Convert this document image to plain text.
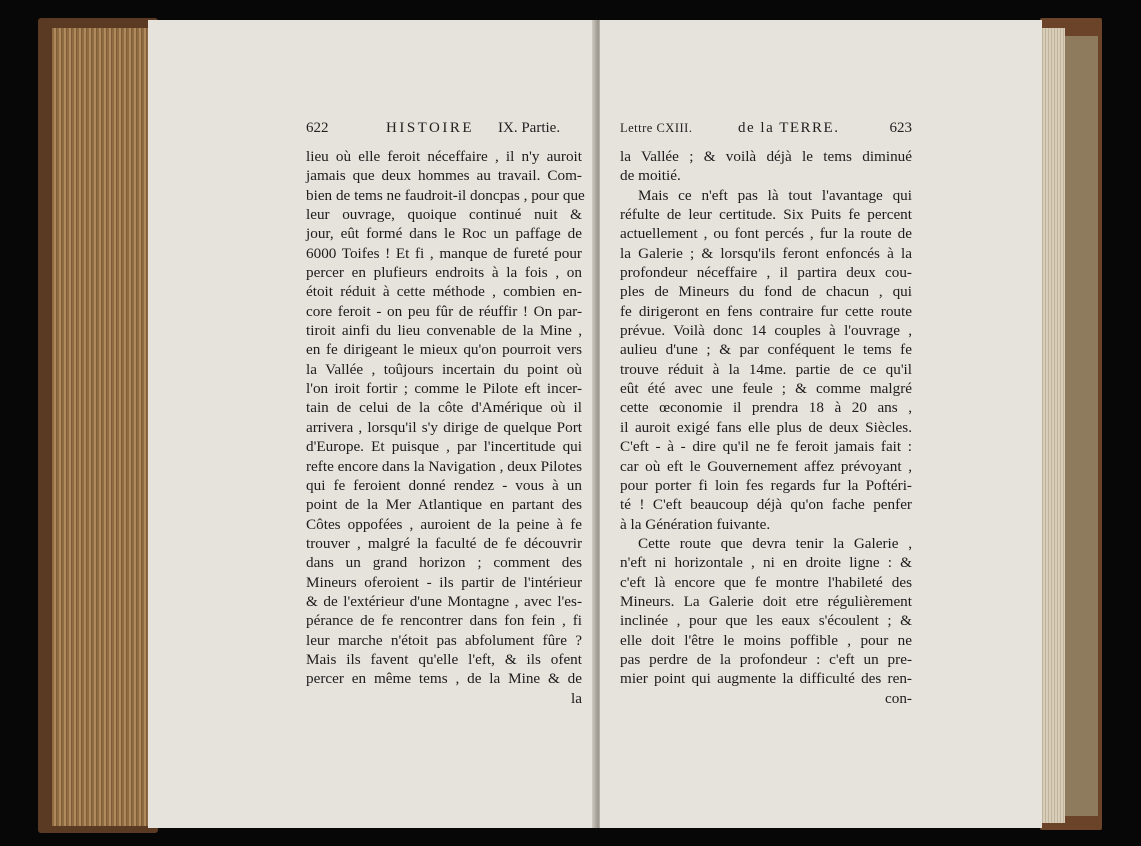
622	HISTOIRE IX. Partie.
lieu où elle feroit néceffaire , il n'y auroit
jamais que deux hommes au travail. Com-
bien de tems ne faudroit-il doncpas , pour que
leur ouvrage, quoique continué nuit &
jour, eût formé dans le Roc un paffage de
6000 Toifes ! Et fi , manque de fureté pour
percer en plufieurs endroits à la fois , on
étoit réduit à cette méthode , combien en-
core feroit - on peu fûr de réuffir ! On par-
tiroit ainfi du lieu convenable de la Mine ,
en fe dirigeant le mieux qu'on pourroit vers
la Vallée , toûjours incertain du point où
l'on iroit fortir ; comme le Pilote eft incer-
tain de celui de la côte d'Amérique où il
arrivera , lorsqu'il s'y dirige de quelque Port
d'Europe. Et puisque , par l'incertitude qui
refte encore dans la Navigation , deux Pilotes
qui fe feroient donné rendez - vous à un
point de la Mer Atlantique en partant des
Côtes oppofées , auroient de la peine à fe
trouver , malgré la faculté de fe découvrir
dans un grand horizon ; comment des
Mineurs oferoient - ils partir de l'intérieur
& de l'extérieur d'une Montagne , avec l'es-
pérance de fe rencontrer dans fon fein , fi
leur marche n'étoit pas abfolument fûre ?
Mais ils favent qu'elle l'eft, & ils ofent
percer en même tems , de la Mine & de
la
Lettre CXIII.	de la TERRE.	623
la Vallée ; & voilà déjà le tems diminué
de moitié.
Mais ce n'eft pas là tout l'avantage qui
réfulte de leur certitude. Six Puits fe percent
actuellement , ou font percés , fur la route de
la Galerie ; & lorsqu'ils feront enfoncés à la
profondeur néceffaire , il partira deux cou-
ples de Mineurs du fond de chacun , qui
fe dirigeront en fens contraire fur cette route
prévue. Voilà donc 14 couples à l'ouvrage ,
aulieu d'une ; & par conféquent le tems fe
trouve réduit à la 14me. partie de ce qu'il
eût été avec une feule ; & comme malgré
cette œconomie il prendra 18 à 20 ans ,
il auroit exigé fans elle plus de deux Siècles.
C'eft - à - dire qu'il ne fe feroit jamais fait :
car où eft le Gouvernement affez prévoyant ,
pour porter fi loin fes regards fur la Poftéri-
té ! C'eft beaucoup déjà qu'on fache penfer
à la Génération fuivante.
Cette route que devra tenir la Galerie ,
n'eft ni horizontale , ni en droite ligne : &
c'eft là encore que fe montre l'habileté des
Mineurs. La Galerie doit etre régulièrement
inclinée , pour que les eaux s'écoulent ; &
elle doit l'être le moins poffible , pour ne
pas perdre de la profondeur : c'eft un pre-
mier point qui augmente la difficulté des ren-
con-
